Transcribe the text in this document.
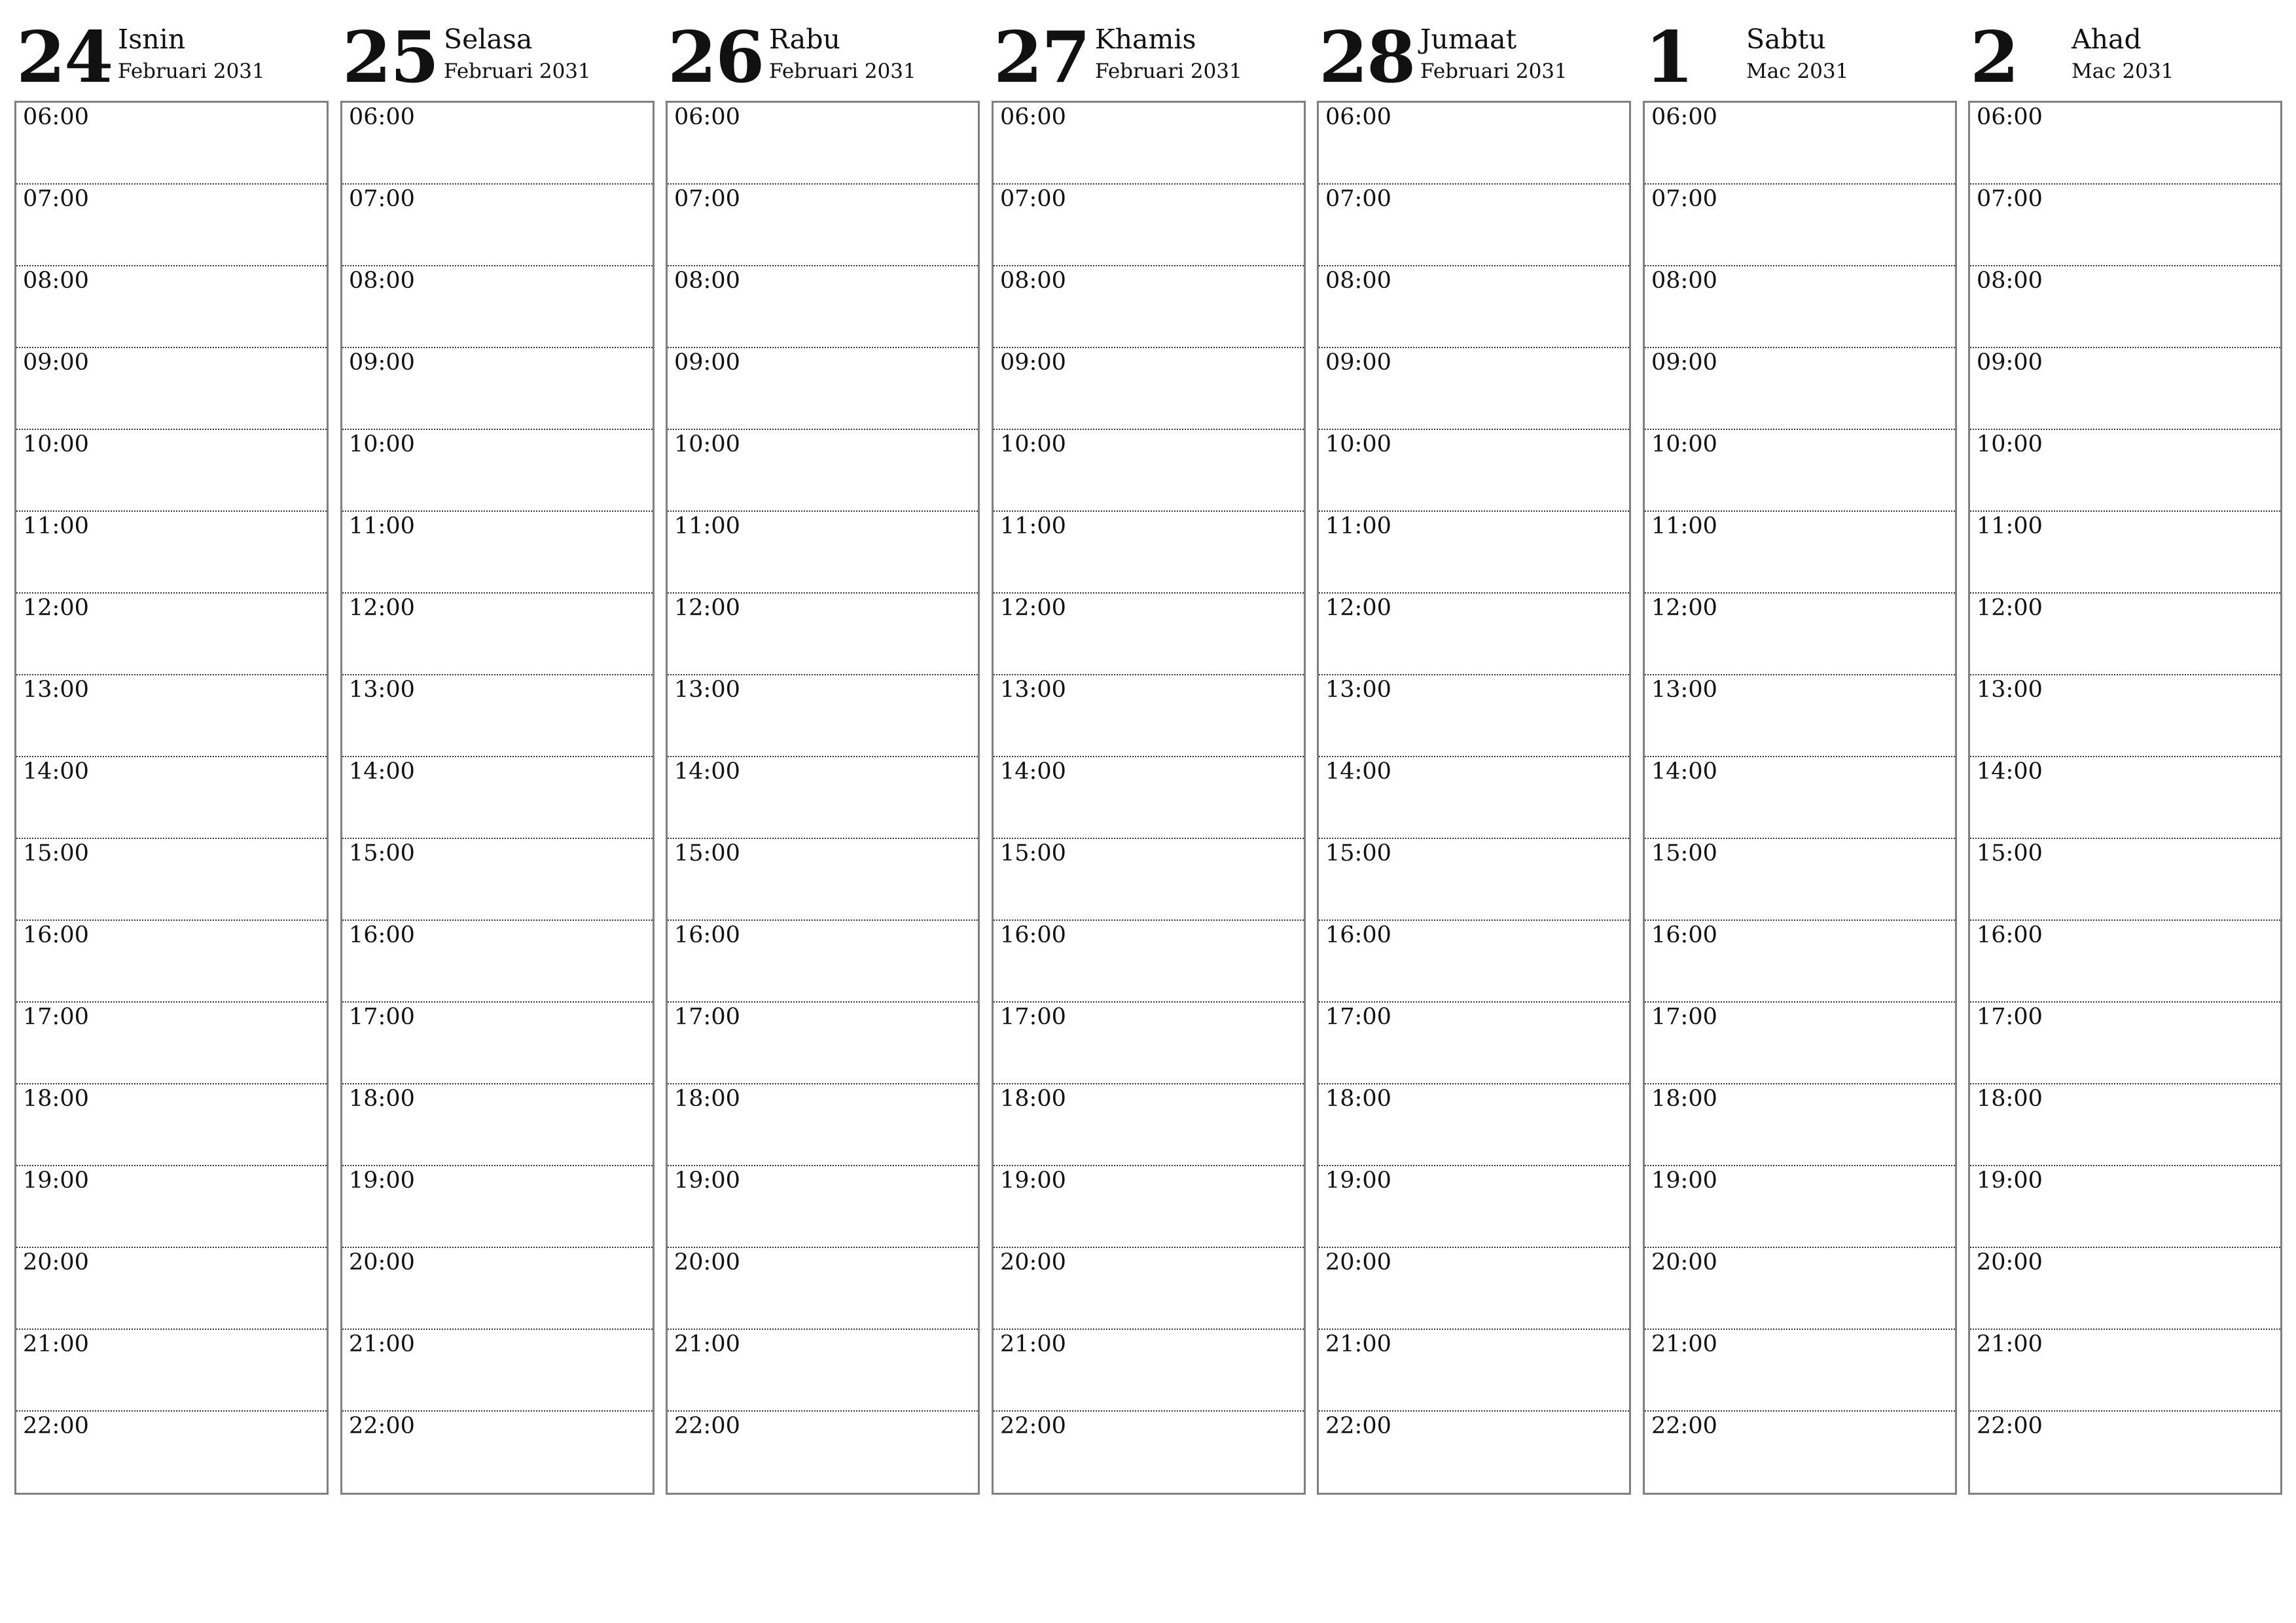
24 Isnin
Februari 2031
06:00
07:00
08:00
09:00
10:00
11:00
12:00
13:00
14:00
15:00
16:00
17:00
18:00
19:00
20:00
21:00
22:00
25 Selasa
Februari 2031
06:00
07:00
08:00
09:00
10:00
11:00
12:00
13:00
14:00
15:00
16:00
17:00
18:00
19:00
20:00
21:00
22:00
26 Rabu
Februari 2031
06:00
07:00
08:00
09:00
10:00
11:00
12:00
13:00
14:00
15:00
16:00
17:00
18:00
19:00
20:00
21:00
22:00
27 Khamis
Februari 2031
06:00
07:00
08:00
09:00
10:00
11:00
12:00
13:00
14:00
15:00
16:00
17:00
18:00
19:00
20:00
21:00
22:00
28 Jumaat
Februari 2031
06:00
07:00
08:00
09:00
10:00
11:00
12:00
13:00
14:00
15:00
16:00
17:00
18:00
19:00
20:00
21:00
22:00
1 Sabtu
Mac 2031
06:00
07:00
08:00
09:00
10:00
11:00
12:00
13:00
14:00
15:00
16:00
17:00
18:00
19:00
20:00
21:00
22:00
2 Ahad
Mac 2031
06:00
07:00
08:00
09:00
10:00
11:00
12:00
13:00
14:00
15:00
16:00
17:00
18:00
19:00
20:00
21:00
22:00
